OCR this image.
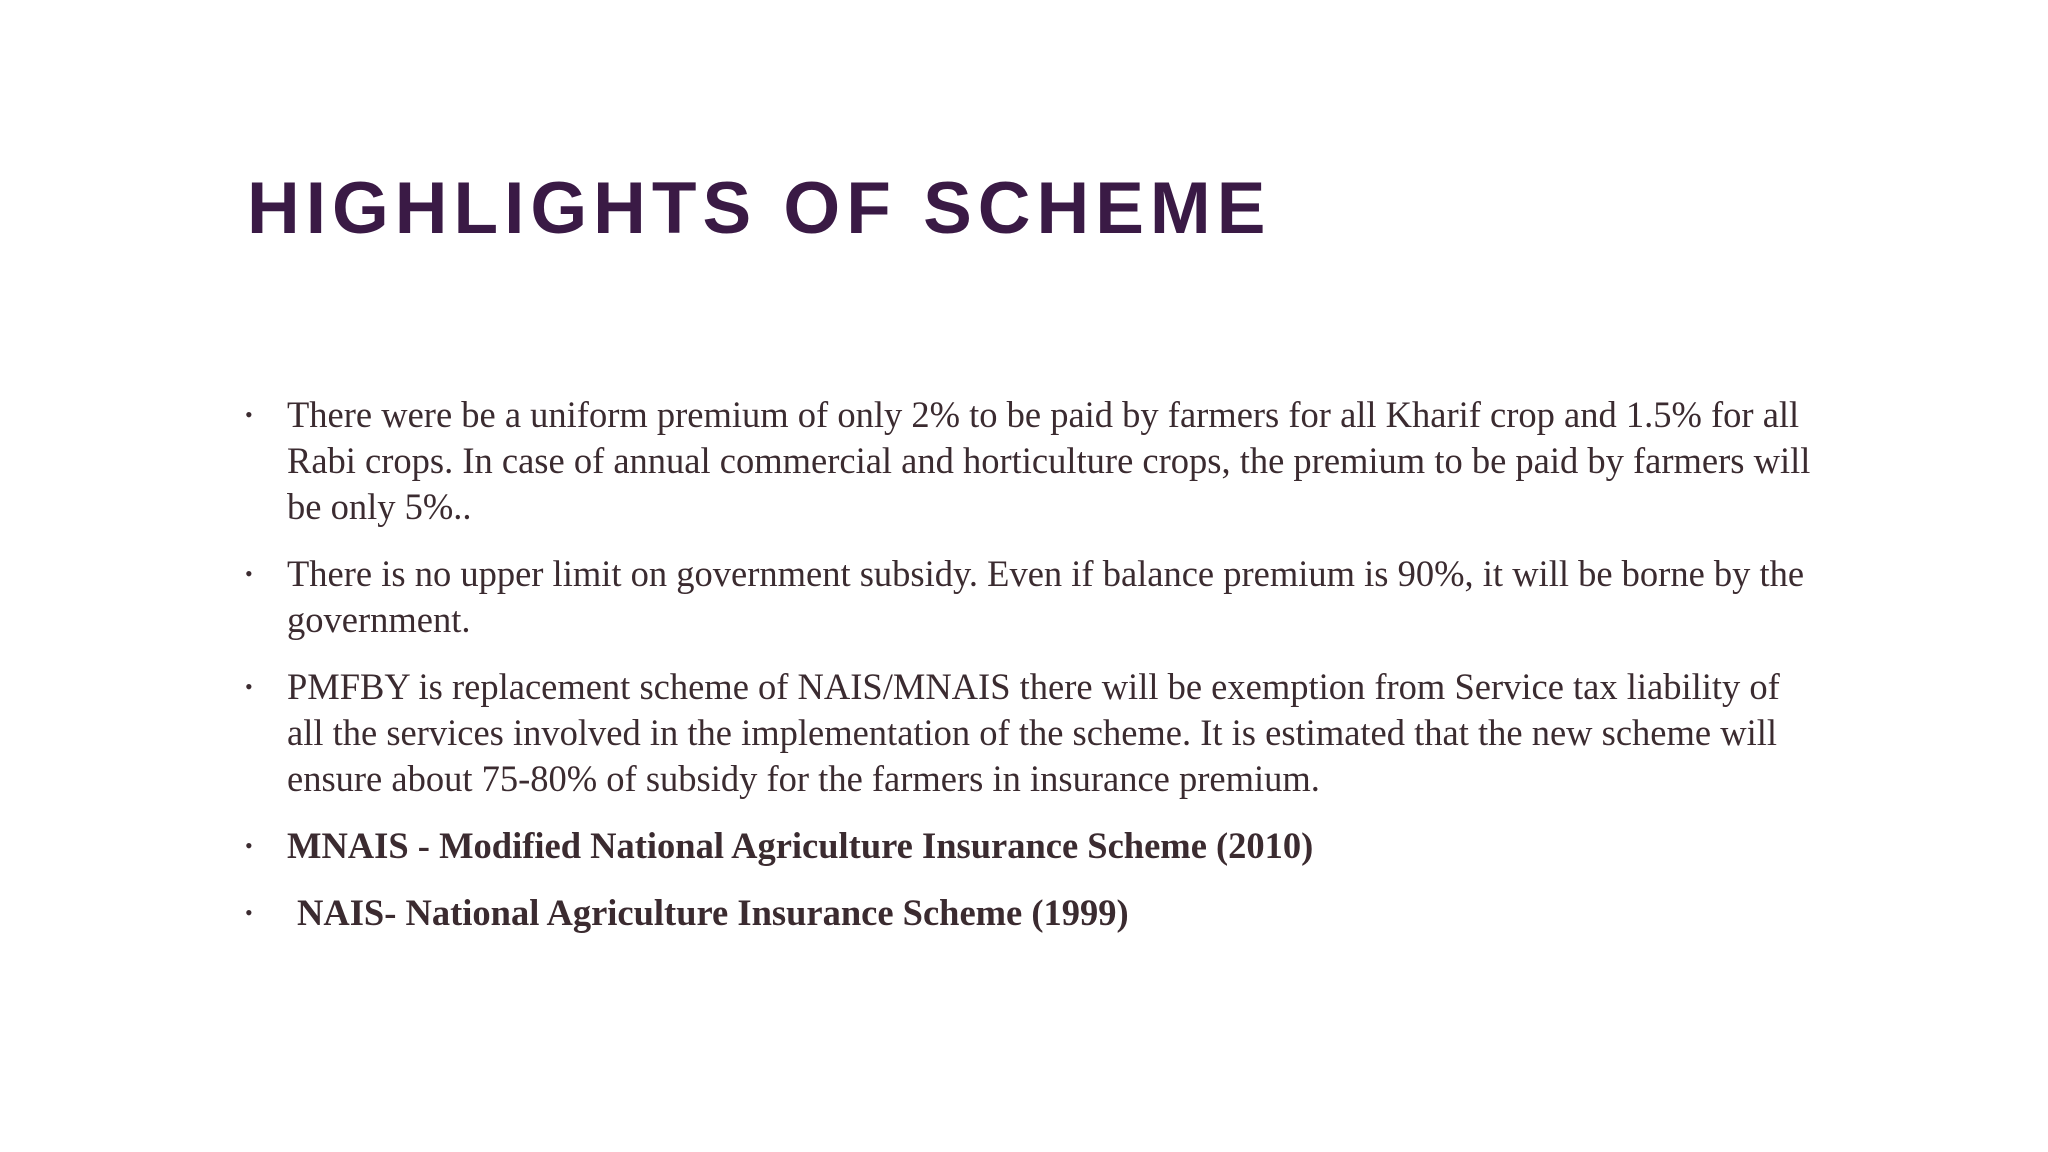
HIGHLIGHTS OF SCHEME
• There were be a uniform premium of only 2% to be paid by farmers for all Kharif crop and 1.5% for all Rabi crops. In case of annual commercial and horticulture crops, the premium to be paid by farmers will be only 5%..
• There is no upper limit on government subsidy. Even if balance premium is 90%, it will be borne by the government.
• PMFBY is replacement scheme of NAIS/MNAIS there will be exemption from Service tax liability of all the services involved in the implementation of the scheme. It is estimated that the new scheme will ensure about 75-80% of subsidy for the farmers in insurance premium.
• MNAIS - Modified National Agriculture Insurance Scheme (2010)
• NAIS- National Agriculture Insurance Scheme (1999)
